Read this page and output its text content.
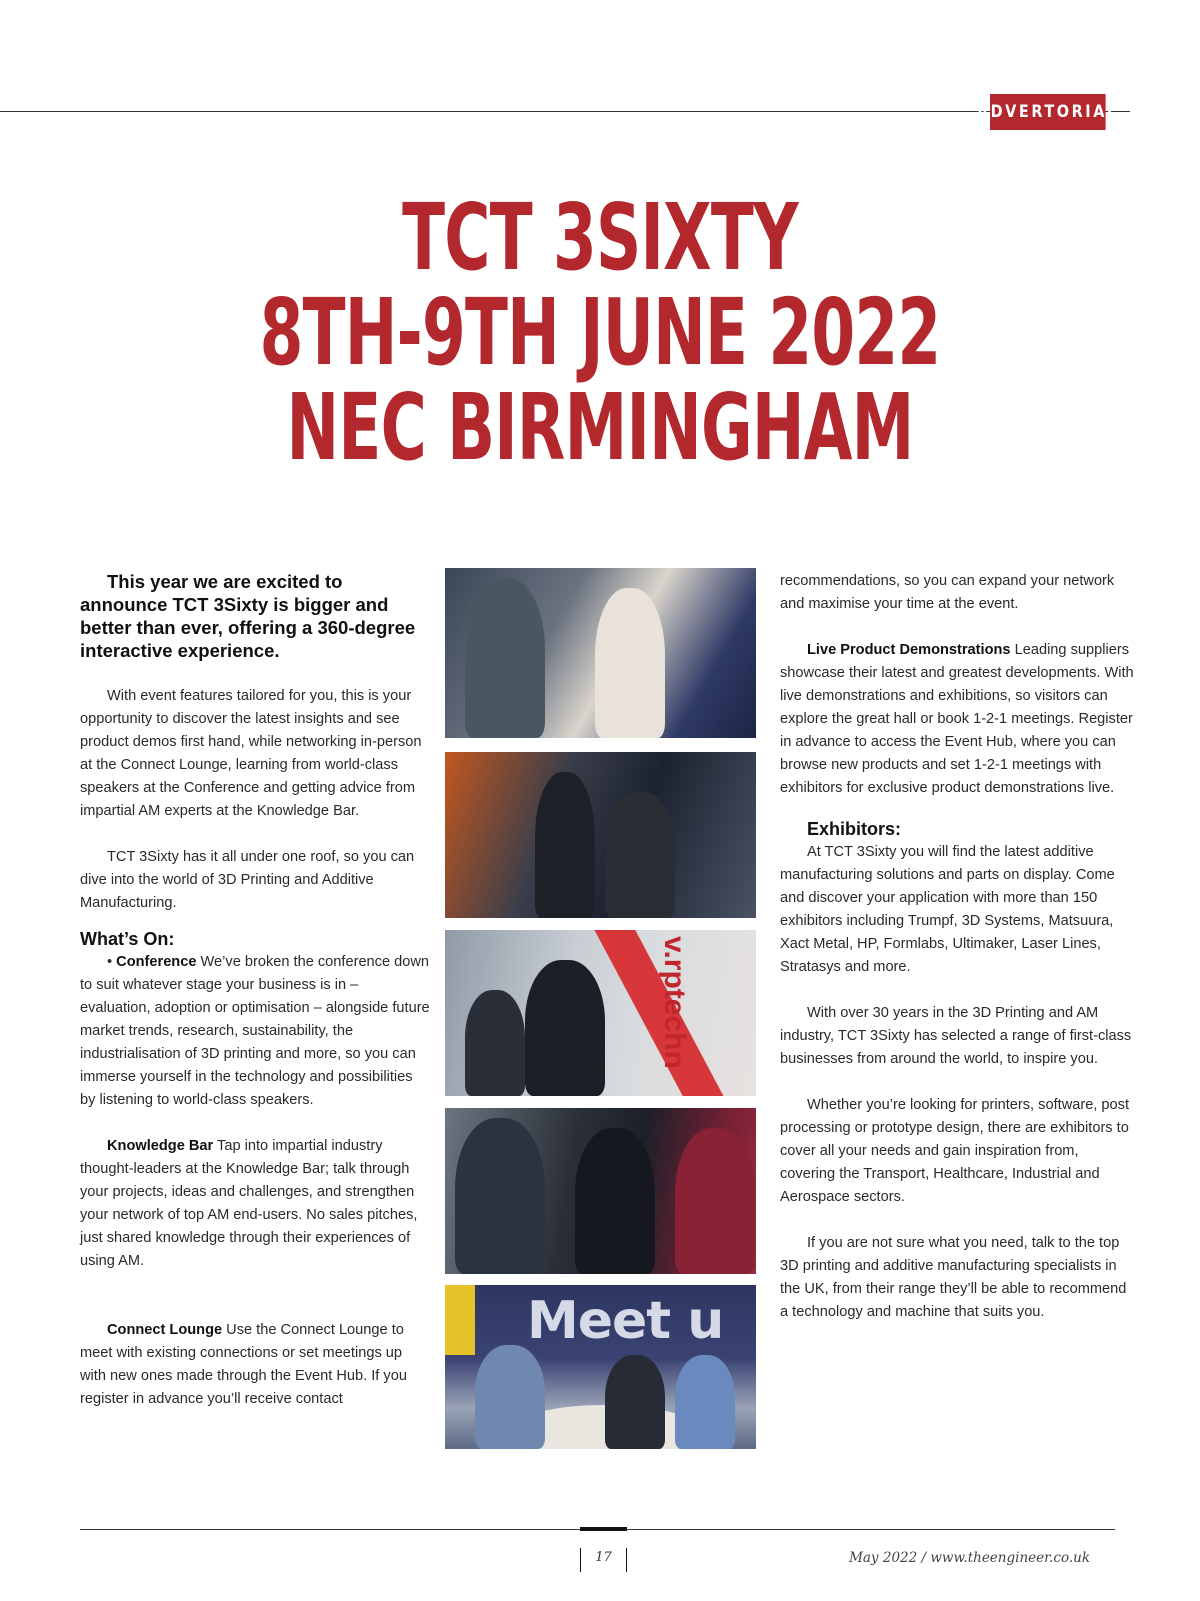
ADVERTORIAL
TCT 3SIXTY
8TH-9TH JUNE 2022
NEC BIRMINGHAM

This year we are excited to announce TCT 3Sixty is bigger and better than ever, offering a 360-degree interactive experience.

With event features tailored for you, this is your opportunity to discover the latest insights and see product demos first hand, while networking in-person at the Connect Lounge, learning from world-class speakers at the Conference and getting advice from impartial AM experts at the Knowledge Bar.

TCT 3Sixty has it all under one roof, so you can dive into the world of 3D Printing and Additive Manufacturing.

What’s On:

• Conference We’ve broken the conference down to suit whatever stage your business is in – evaluation, adoption or optimisation – alongside future market trends, research, sustainability, the industrialisation of 3D printing and more, so you can immerse yourself in the technology and possibilities by listening to world-class speakers.

Knowledge Bar Tap into impartial industry thought-leaders at the Knowledge Bar; talk through your projects, ideas and challenges, and strengthen your network of top AM end-users. No sales pitches, just shared knowledge through their experiences of using AM.

Connect Lounge Use the Connect Lounge to meet with existing connections or set meetings up with new ones made through the Event Hub. If you register in advance you’ll receive contact

v.rptechn
Meet u

recommendations, so you can expand your network and maximise your time at the event.

Live Product Demonstrations Leading suppliers showcase their latest and greatest developments. With live demonstrations and exhibitions, so visitors can explore the great hall or book 1-2-1 meetings. Register in advance to access the Event Hub, where you can browse new products and set 1-2-1 meetings with exhibitors for exclusive product demonstrations live.

Exhibitors:

At TCT 3Sixty you will find the latest additive manufacturing solutions and parts on display. Come and discover your application with more than 150 exhibitors including Trumpf, 3D Systems, Matsuura, Xact Metal, HP, Formlabs, Ultimaker, Laser Lines, Stratasys and more.

With over 30 years in the 3D Printing and AM industry, TCT 3Sixty has selected a range of first-class businesses from around the world, to inspire you.

Whether you’re looking for printers, software, post processing or prototype design, there are exhibitors to cover all your needs and gain inspiration from, covering the Transport, Healthcare, Industrial and Aerospace sectors.

If you are not sure what you need, talk to the top 3D printing and additive manufacturing specialists in the UK, from their range they’ll be able to recommend a technology and machine that suits you.

17	May 2022 / www.theengineer.co.uk
